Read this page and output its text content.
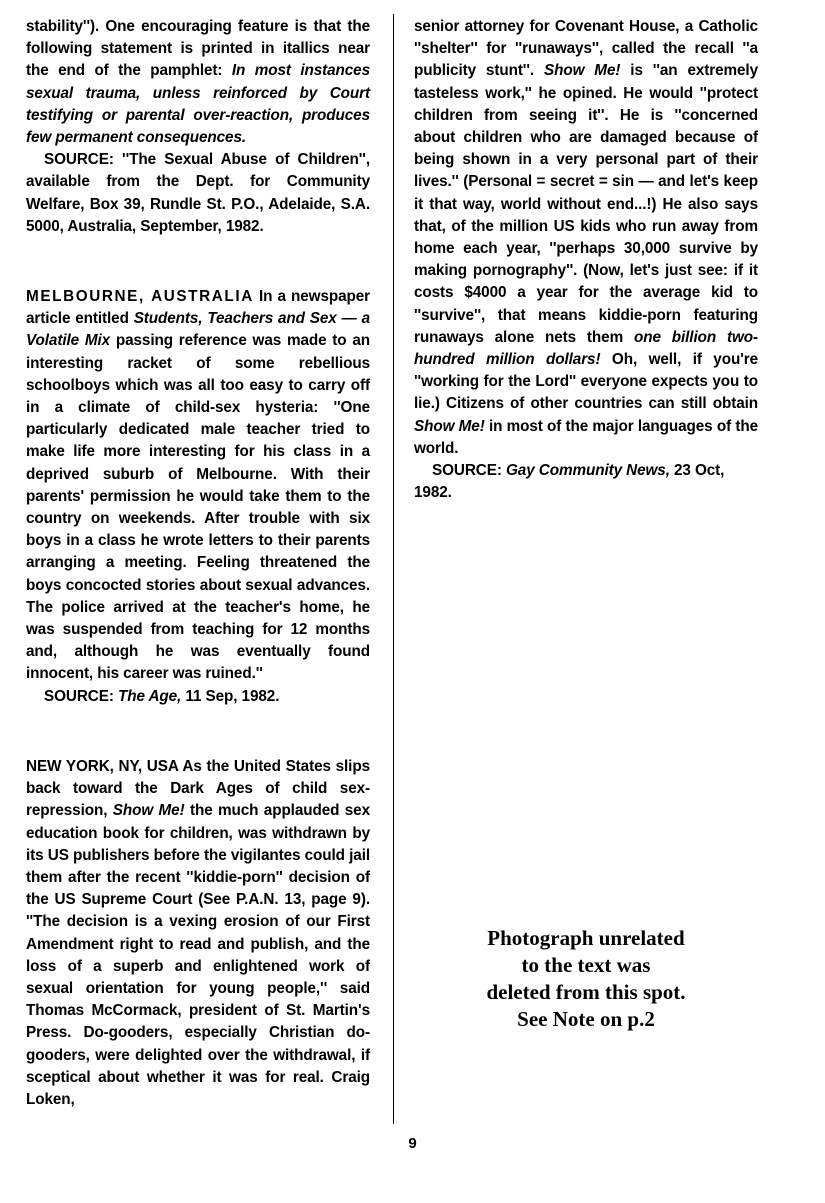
stability''). One encouraging feature is that the following statement is printed in itallics near the end of the pamphlet: In most instances sexual trauma, unless reinforced by Court testifying or parental over-reaction, produces few permanent consequences.

SOURCE: ''The Sexual Abuse of Children'', available from the Dept. for Community Welfare, Box 39, Rundle St. P.O., Adelaide, S.A. 5000, Australia, September, 1982.

MELBOURNE, AUSTRALIA In a newspaper article entitled Students, Teachers and Sex — a Volatile Mix passing reference was made to an interesting racket of some rebellious schoolboys which was all too easy to carry off in a climate of child-sex hysteria: ''One particularly dedicated male teacher tried to make life more interesting for his class in a deprived suburb of Melbourne. With their parents' permission he would take them to the country on weekends. After trouble with six boys in a class he wrote letters to their parents arranging a meeting. Feeling threatened the boys concocted stories about sexual advances. The police arrived at the teacher's home, he was suspended from teaching for 12 months and, although he was eventually found innocent, his career was ruined.''

SOURCE: The Age, 11 Sep, 1982.

NEW YORK, NY, USA As the United States slips back toward the Dark Ages of child sex-repression, Show Me! the much applauded sex education book for children, was withdrawn by its US publishers before the vigilantes could jail them after the recent ''kiddie-porn'' decision of the US Supreme Court (See P.A.N. 13, page 9). ''The decision is a vexing erosion of our First Amendment right to read and publish, and the loss of a superb and enlightened work of sexual orientation for young people,'' said Thomas McCormack, president of St. Martin's Press. Do-gooders, especially Christian do-gooders, were delighted over the withdrawal, if sceptical about whether it was for real. Craig Loken,

senior attorney for Covenant House, a Catholic ''shelter'' for ''runaways'', called the recall ''a publicity stunt''. Show Me! is ''an extremely tasteless work,'' he opined. He would ''protect children from seeing it''. He is ''concerned about children who are damaged because of being shown in a very personal part of their lives.'' (Personal = secret = sin — and let's keep it that way, world without end...!) He also says that, of the million US kids who run away from home each year, ''perhaps 30,000 survive by making pornography''. (Now, let's just see: if it costs $4000 a year for the average kid to ''survive'', that means kiddie-porn featuring runaways alone nets them one billion two-hundred million dollars! Oh, well, if you're ''working for the Lord'' everyone expects you to lie.) Citizens of other countries can still obtain Show Me! in most of the major languages of the world.

SOURCE: Gay Community News, 23 Oct, 1982.

Photograph unrelated
to the text was
deleted from this spot.
See Note on p.2
9
